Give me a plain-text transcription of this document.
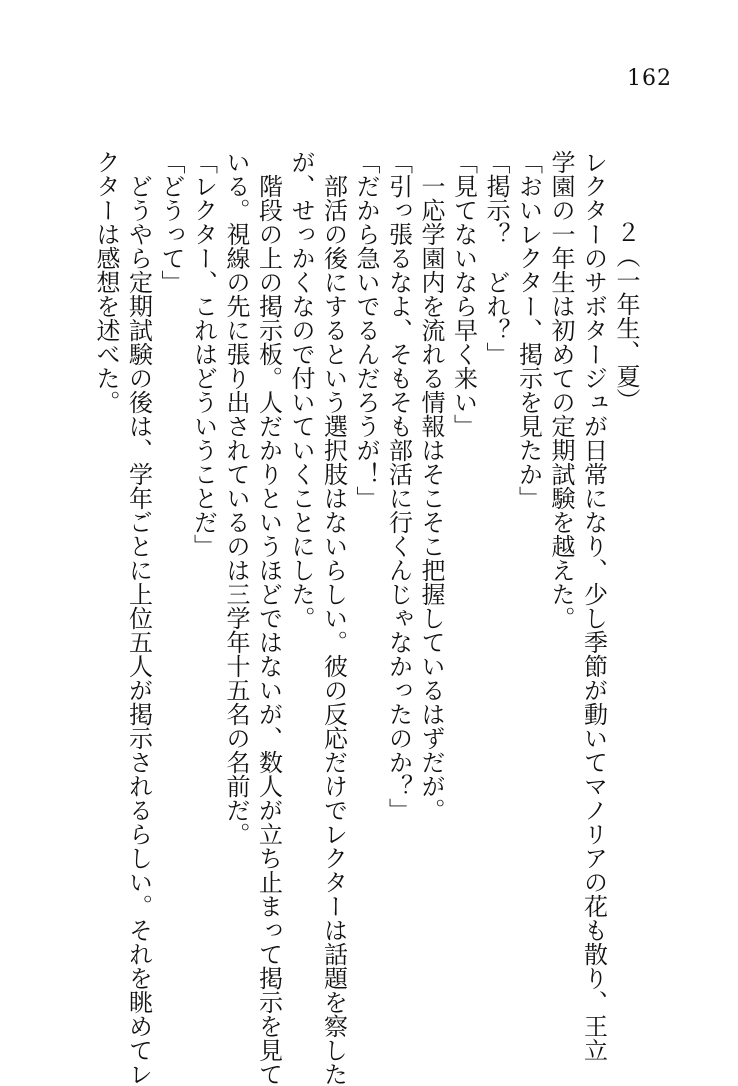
162
２（一年生、夏）
レクターのサボタージュが日常になり、少し季節が動いてマノリアの花も散り、王立
学園の一年生は初めての定期試験を越えた。
「おいレクター、掲示を見たか」
「掲示？　どれ？」
「見てないなら早く来い」
　一応学園内を流れる情報はそこそこ把握しているはずだが。
「引っ張るなよ、そもそも部活に行くんじゃなかったのか？」
「だから急いでるんだろうが！」
　部活の後にするという選択肢はないらしい。彼の反応だけでレクターは話題を察した
が、せっかくなので付いていくことにした。
　階段の上の掲示板。人だかりというほどではないが、数人が立ち止まって掲示を見て
いる。視線の先に張り出されているのは三学年十五名の名前だ。
「レクター、これはどういうことだ」
「どうって」
　どうやら定期試験の後は、学年ごとに上位五人が掲示されるらしい。それを眺めてレ
クターは感想を述べた。
